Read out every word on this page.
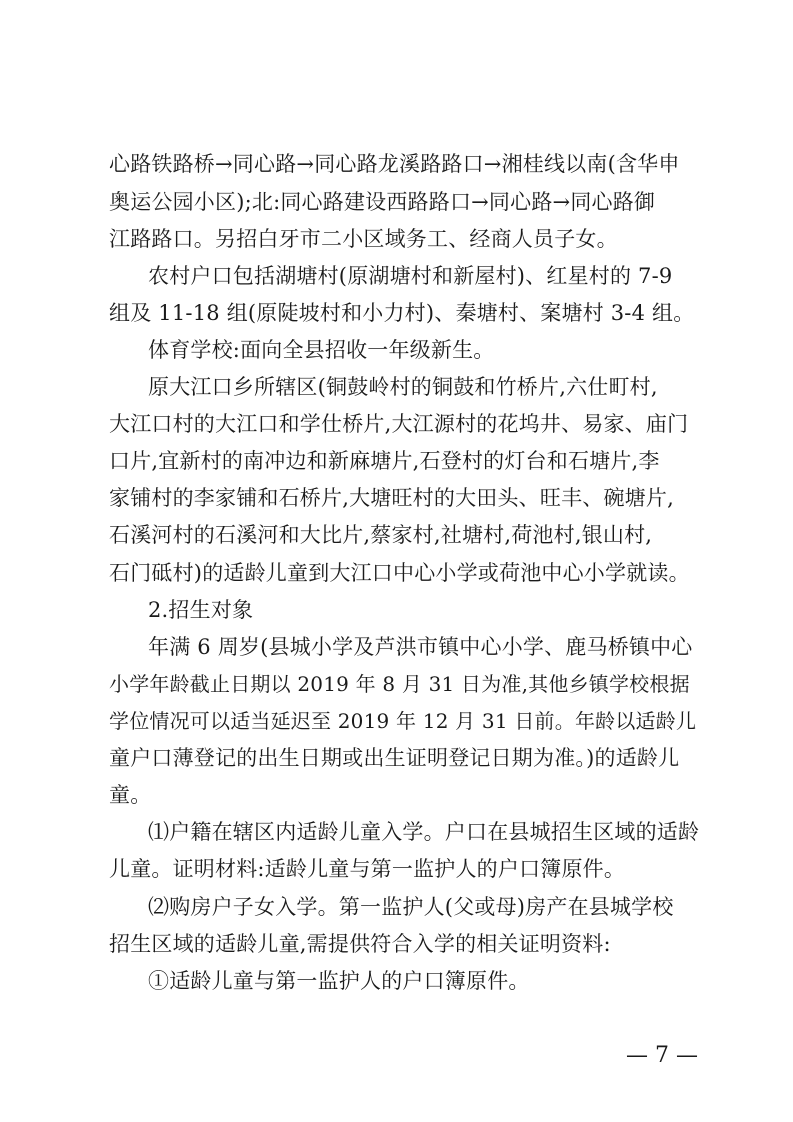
心路铁路桥→同心路→同心路龙溪路路口→湘桂线以南(含华申
奥运公园小区);北:同心路建设西路路口→同心路→同心路御
江路路口。另招白牙市二小区域务工、经商人员子女。
农村户口包括湖塘村(原湖塘村和新屋村)、红星村的 7-9
组及 11-18 组(原陡坡村和小力村)、秦塘村、案塘村 3-4 组。
体育学校:面向全县招收一年级新生。
原大江口乡所辖区(铜鼓岭村的铜鼓和竹桥片,六仕町村,
大江口村的大江口和学仕桥片,大江源村的花坞井、易家、庙门
口片,宜新村的南冲边和新麻塘片,石登村的灯台和石塘片,李
家铺村的李家铺和石桥片,大塘旺村的大田头、旺丰、碗塘片,
石溪河村的石溪河和大比片,蔡家村,社塘村,荷池村,银山村,
石门砥村)的适龄儿童到大江口中心小学或荷池中心小学就读。
2.招生对象
年满 6 周岁(县城小学及芦洪市镇中心小学、鹿马桥镇中心
小学年龄截止日期以 2019 年 8 月 31 日为准,其他乡镇学校根据
学位情况可以适当延迟至 2019 年 12 月 31 日前。年龄以适龄儿
童户口薄登记的出生日期或出生证明登记日期为准。)的适龄儿
童。
⑴户籍在辖区内适龄儿童入学。户口在县城招生区域的适龄
儿童。证明材料:适龄儿童与第一监护人的户口簿原件。
⑵购房户子女入学。第一监护人(父或母)房产在县城学校
招生区域的适龄儿童,需提供符合入学的相关证明资料:
①适龄儿童与第一监护人的户口簿原件。
— 7 —
